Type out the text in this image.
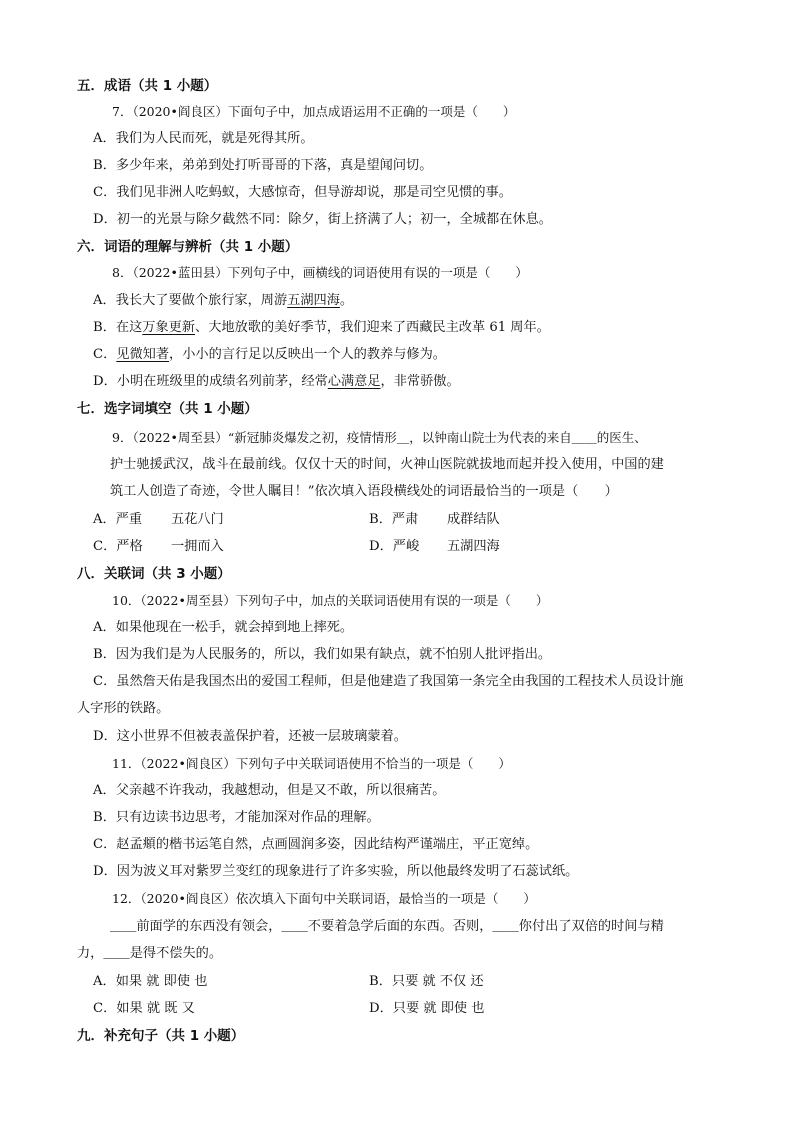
五．成语（共 1 小题）
7．（2020•阎良区）下面句子中，加点成语运用不正确的一项是（　　）
A．我们为人民而死，就是死得其所。
B．多少年来，弟弟到处打听哥哥的下落，真是望闻问切。
C．我们见非洲人吃蚂蚁，大感惊奇，但导游却说，那是司空见惯的事。
D．初一的光景与除夕截然不同：除夕，街上挤满了人；初一，全城都在休息。
六．词语的理解与辨析（共 1 小题）
8．（2022•蓝田县）下列句子中，画横线的词语使用有误的一项是（　　）
A．我长大了要做个旅行家，周游五湖四海。
B．在这万象更新、大地放歌的美好季节，我们迎来了西藏民主改革 61 周年。
C．见微知著，小小的言行足以反映出一个人的教养与修为。
D．小明在班级里的成绩名列前茅，经常心满意足，非常骄傲。
七．选字词填空（共 1 小题）
9．（2022•周至县）“新冠肺炎爆发之初，疫情情形＿，以钟南山院士为代表的来自＿＿的医生、
护士驰援武汉，战斗在最前线。仅仅十天的时间，火神山医院就拔地而起并投入使用，中国的建
筑工人创造了奇迹，令世人瞩目！”依次填入语段横线处的词语最恰当的一项是（　　）
A．严重 五花八门	B．严肃 成群结队
C．严格 一拥而入	D．严峻 五湖四海
八．关联词（共 3 小题）
10．（2022•周至县）下列句子中，加点的关联词语使用有误的一项是（　　）
A．如果他现在一松手，就会掉到地上摔死。
B．因为我们是为人民服务的，所以，我们如果有缺点，就不怕别人批评指出。
C．虽然詹天佑是我国杰出的爱国工程师，但是他建造了我国第一条完全由我国的工程技术人员设计施
人字形的铁路。
D．这小世界不但被表盖保护着，还被一层玻璃蒙着。
11．（2022•阎良区）下列句子中关联词语使用不恰当的一项是（　　）
A．父亲越不许我动，我越想动，但是又不敢，所以很痛苦。
B．只有边读书边思考，才能加深对作品的理解。
C．赵孟頫的楷书运笔自然，点画圆润多姿，因此结构严谨端庄，平正宽绰。
D．因为波义耳对紫罗兰变红的现象进行了许多实验，所以他最终发明了石蕊试纸。
12．（2020•阎良区）依次填入下面句中关联词语，最恰当的一项是（　　）
＿＿前面学的东西没有领会，＿＿不要着急学后面的东西。否则，＿＿你付出了双倍的时间与精
力，＿＿是得不偿失的。
A．如果 就 即使 也	B．只要 就 不仅 还
C．如果 就 既 又	D．只要 就 即使 也
九．补充句子（共 1 小题）
